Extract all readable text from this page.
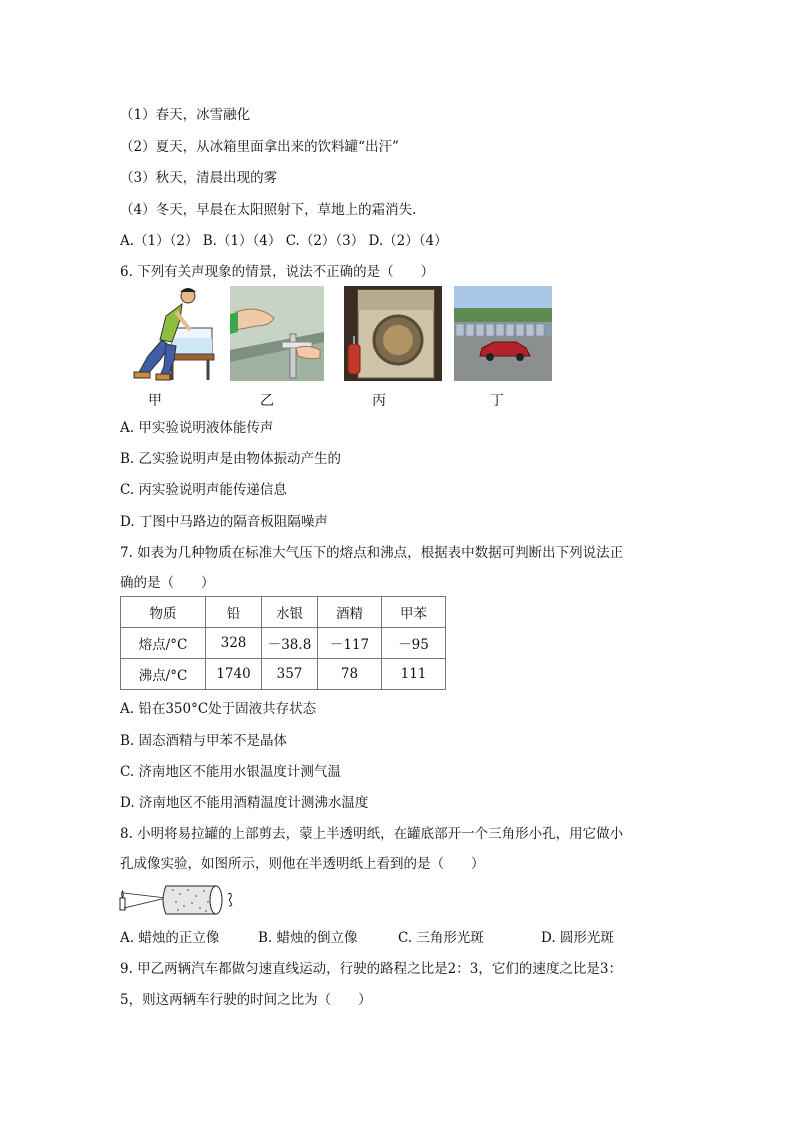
（1）春天，冰雪融化
（2）夏天，从冰箱里面拿出来的饮料罐“出汗”
（3）秋天，清晨出现的雾
（4）冬天，早晨在太阳照射下，草地上的霜消失.
A.（1）（2） B.（1）（4） C.（2）（3） D.（2）（4）
6. 下列有关声现象的情景，说法不正确的是（　　）
甲	乙	丙	丁
A. 甲实验说明液体能传声
B. 乙实验说明声是由物体振动产生的
C. 丙实验说明声能传递信息
D. 丁图中马路边的隔音板阻隔噪声
7. 如表为几种物质在标准大气压下的熔点和沸点，根据表中数据可判断出下列说法正
确的是（　　）
物质	铅	水银	酒精	甲苯
熔点/°C	328	－38.8	－117	－95
沸点/°C	1740	357	78	111
A. 铅在350°C处于固液共存状态
B. 固态酒精与甲苯不是晶体
C. 济南地区不能用水银温度计测气温
D. 济南地区不能用酒精温度计测沸水温度
8. 小明将易拉罐的上部剪去，蒙上半透明纸，在罐底部开一个三角形小孔，用它做小
孔成像实验，如图所示，则他在半透明纸上看到的是（　　）
A. 蜡烛的正立像	B. 蜡烛的倒立像	C. 三角形光斑	D. 圆形光斑
9. 甲乙两辆汽车都做匀速直线运动，行驶的路程之比是2：3，它们的速度之比是3：
5，则这两辆车行驶的时间之比为（　　）
